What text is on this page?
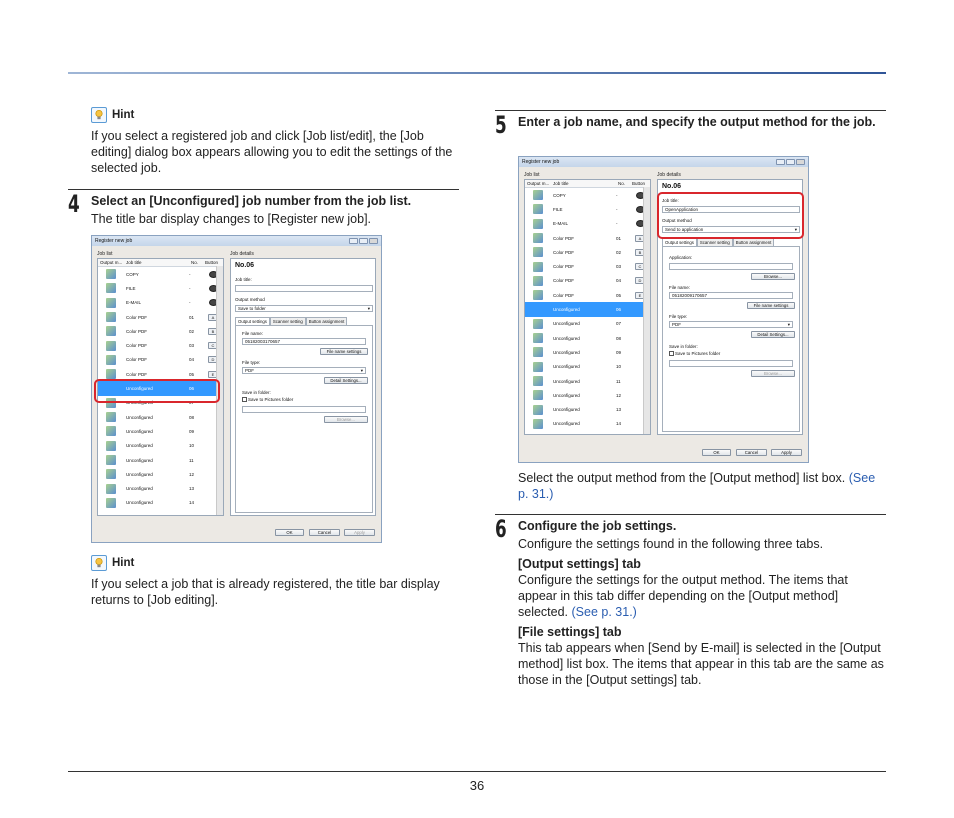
Hint

If you select a registered job and click [Job list/edit], the [Job editing] dialog box appears allowing you to edit the settings of the selected job.

4 Select an [Unconfigured] job number from the job list.
The title bar display changes to [Register new job].
Register new job
Job list	Job details
Output m... Job title	No.	Button
COPY	-
FILE	-
E-MAIL	-
Color PDF	01	A
Color PDF	02	B
Color PDF	03	C
Color PDF	04	D
Color PDF	05	E
Unconfigured	06
Unconfigured	07
Unconfigured	08
Unconfigured	09
Unconfigured	10
Unconfigured	11
Unconfigured	12
Unconfigured	13
Unconfigured	14
No.06
Job title:
Output method
Save to folder	▾
Output settings	Scanner setting	Button assignment
File name:
0518200317​0657
File name settings
File type:
PDF	▾
Detail Settings...
Save in folder:
Save to Pictures folder
Browse...
OK	Cancel	Apply
Hint

If you select a job that is already registered, the title bar display returns to [Job editing].

5 Enter a job name, and specify the output method for the job.
Register new job
Job list	Job details
Output m... Job title	No.	Button
COPY	-
FILE	-
E-MAIL	-
Color PDF	01	A
Color PDF	02	B
Color PDF	03	C
Color PDF	04	D
Color PDF	05	E
Unconfigured	06
Unconfigured	07
Unconfigured	08
Unconfigured	09
Unconfigured	10
Unconfigured	11
Unconfigured	12
Unconfigured	13
Unconfigured	14
No.06
Job title:
OpenApplication
Output method
Send to application	▾
Output settings	Scanner setting	Button assignment
Application:
Browse...
File name:
05182009170657
File name settings
File type:
PDF	▾
Detail Settings...
Save in folder:
Save to Pictures folder
Browse...
OK	Cancel	Apply
Select the output method from the [Output method] list box. (See p. 31.)
6 Configure the job settings.
Configure the settings found in the following three tabs.
[Output settings] tab
Configure the settings for the output method. The items that appear in this tab differ depending on the [Output method] selected. (See p. 31.)
[File settings] tab
This tab appears when [Send by E-mail] is selected in the [Output method] list box. The items that appear in this tab are the same as those in the [Output settings] tab.
36
